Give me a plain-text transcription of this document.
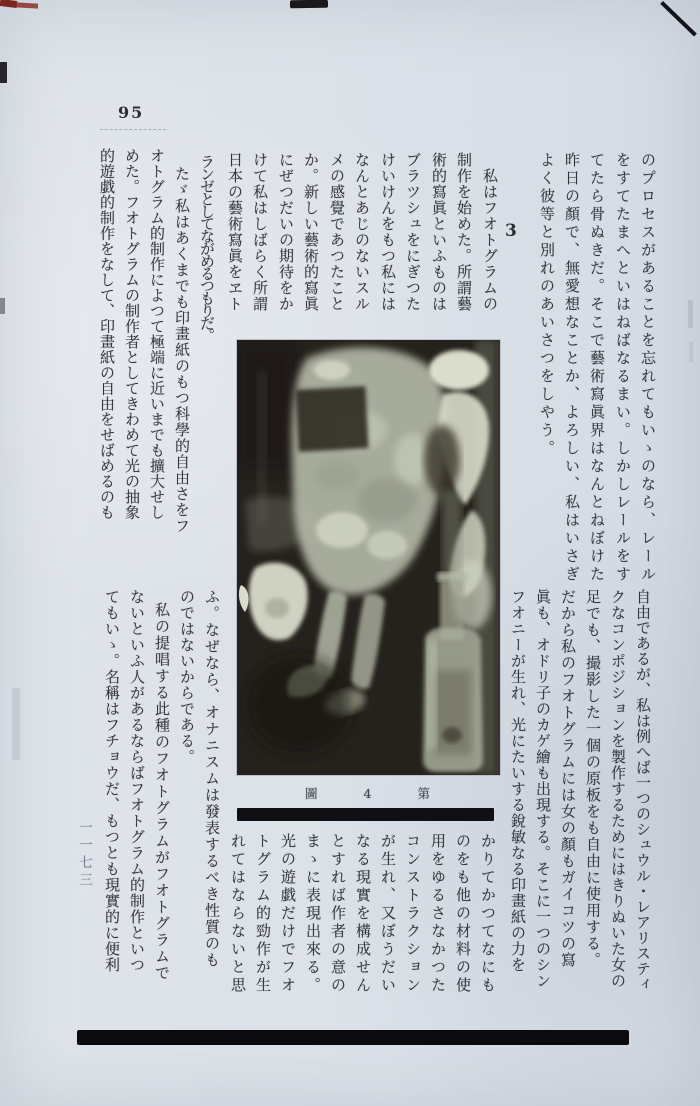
95
のプロセスがあることを忘れてもいゝのなら、レール
をすてたまへといはねばなるまい。しかしレールをす
てたら骨ぬきだ。そこで藝術寫眞界はなんとねぼけた
昨日の顏で、無愛想なことか、よろしい、私はいさぎ
よく彼等と別れのあいさつをしやう。
3
私はフオトグラムの
制作を始めた。所謂藝
術的寫眞といふものは
ブラツシュをにぎつた
けいけんをもつ私には
なんとあじのないスル
メの感覺であつたこと
か。新しい藝術的寫眞
にぜつだいの期待をか
けて私はしばらく所謂
日本の藝術寫眞をヱト
ランゼとしてながめるつもりだ。
たゞ私はあくまでも印畫紙のもつ科學的自由さをフ
オトグラム的制作によつて極端に近いまでも擴大せし
めた。フオトグラムの制作者としてきわめて光の抽象
的遊戯的制作をなして、印畫紙の自由をせばめるのも
圖	4	第	自由であるが、私は例へば一つのシュウル・レアリスティ
クなコンポジションを製作するためにはきりぬいた女の
足でも、撮影した一個の原板をも自由に使用する。
だから私のフオトグラムには女の顏もガイコツの寫
眞も、オドリ子のカゲ繪も出現する。そこに一つのシン
フオニーが生れ、光にたいする銳敏なる印畫紙の力を
かりてかつてなにも
のをも他の材料の使
用をゆるさなかつた
コンストラクション
が生れ、又ぼうだい
なる現實を構成せん
とすれば作者の意の
まゝに表現出來る。
光の遊戯だけでフオ
トグラム的勁作が生
れてはならないと思
ふ。なぜなら、オナニスムは發表するべき性質のも
のではないからである。
私の提唱する此種のフオトグラムがフオトグラムで
ないといふ人があるならばフオトグラム的制作といつ
てもいゝ。名稱はフチョウだ、もつとも現實的に便利
一一七三
